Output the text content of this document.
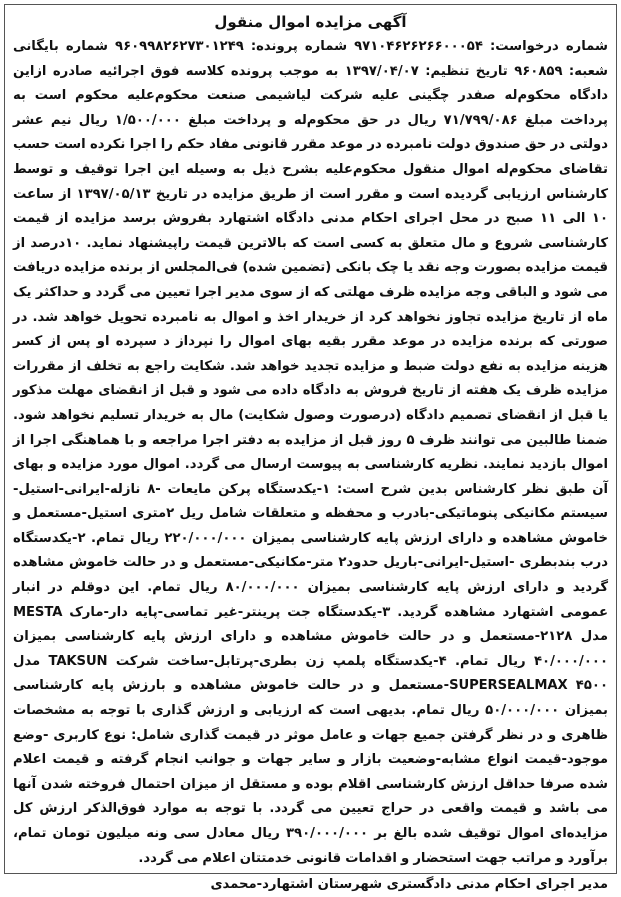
آگهی مزایده اموال منقول

شماره درخواست: ۹۷۱۰۴۶۲۶۲۶۶۰۰۰۵۴ شماره پرونده: ۹۶۰۹۹۸۲۶۲۷۳۰۱۲۴۹ شماره بایگانی شعبه: ۹۶۰۸۵۹ تاریخ تنظیم: ۱۳۹۷/۰۴/۰۷ به موجب پرونده کلاسه فوق اجرائیه صادره ازاین دادگاه محکوم‌له صفدر چگینی علیه شرکت لیاشیمی صنعت محکوم‌علیه محکوم است به پرداخت مبلغ ۷۱/۷۹۹/۰۸۶ ریال در حق محکوم‌له و پرداخت مبلغ ۱/۵۰۰/۰۰۰ ریال نیم عشر دولتی در حق صندوق دولت نامبرده در موعد مقرر قانونی مفاد حکم را اجرا نکرده است حسب تقاضای محکوم‌له اموال منقول محکوم‌علیه بشرح ذیل به وسیله این اجرا توقیف و توسط کارشناس ارزیابی گردیده است و مقرر است از طریق مزایده در تاریخ ۱۳۹۷/۰۵/۱۳ از ساعت ۱۰ الی ۱۱ صبح در محل اجرای احکام مدنی دادگاه اشتهارد بفروش برسد مزایده از قیمت کارشناسی شروع و مال متعلق به کسی است که بالاترین قیمت راپیشنهاد نماید. ۱۰درصد از قیمت مزایده بصورت وجه نقد یا چک بانکی (تضمین شده) فی‌المجلس از برنده مزایده دریافت می شود و الباقی وجه مزایده ظرف مهلتی که از سوی مدیر اجرا تعیین می گردد و حداکثر یک ماه از تاریخ مزایده تجاوز نخواهد کرد از خریدار اخذ و اموال به نامبرده تحویل خواهد شد. در صورتی که برنده مزایده در موعد مقرر بقیه بهای اموال را نپرداز د سپرده او پس از کسر هزینه مزایده به نفع دولت ضبط و مزایده تجدید خواهد شد. شکایت راجع به تخلف از مقررات مزایده ظرف یک هفته از تاریخ فروش به دادگاه داده می شود و قبل از انقضای مهلت مذکور یا قبل از انقضای تصمیم دادگاه (درصورت وصول شکایت) مال به خریدار تسلیم نخواهد شود. ضمنا طالبین می توانند ظرف ۵ روز قبل از مزایده به دفتر اجرا مراجعه و با هماهنگی اجرا از اموال بازدید نمایند. نظریه کارشناسی به پیوست ارسال می گردد. اموال مورد مزایده و بهای آن طبق نظر کارشناس بدین شرح است: ۱-یکدستگاه پرکن مایعات -۸ نازله-ایرانی-استیل-سیستم مکانیکی پنوماتیکی-بادرب و محفظه و متعلقات شامل ریل ۲متری استیل-مستعمل و خاموش مشاهده و دارای ارزش پایه کارشناسی بمیزان ۲۲۰/۰۰۰/۰۰۰ ریال تمام. ۲-یکدستگاه درب بندبطری -استیل-ایرانی-باریل حدود۲ متر-مکانیکی-مستعمل و در حالت خاموش مشاهده گردید و دارای ارزش پایه کارشناسی بمیزان ۸۰/۰۰۰/۰۰۰ ریال تمام. این دوقلم در انبار عمومی اشتهارد مشاهده گردید. ۳-یکدستگاه جت پرینتر-غیر تماسی-پایه دار-مارک MESTA مدل ۲۱۲۸-مستعمل و در حالت خاموش مشاهده و دارای ارزش پایه کارشناسی بمیزان ۴۰/۰۰۰/۰۰۰ ریال تمام. ۴-یکدستگاه پلمپ زن بطری-پرتابل-ساخت شرکت TAKSUN مدل SUPERSEALMAX ۴۵۰۰-مستعمل و در حالت خاموش مشاهده و بارزش پایه کارشناسی بمیزان ۵۰/۰۰۰/۰۰۰ ریال تمام. بدیهی است که ارزیابی و ارزش گذاری با توجه به مشخصات ظاهری و در نظر گرفتن جمیع جهات و عامل موثر در قیمت گذاری شامل: نوع کاربری -وضع موجود-قیمت انواع مشابه-وضعیت بازار و سایر جهات و جوانب انجام گرفته و قیمت اعلام شده صرفا حداقل ارزش کارشناسی اقلام بوده و مستقل از میزان احتمال فروخته شدن آنها می باشد و قیمت واقعی در حراج تعیین می گردد. با توجه به موارد فوق‌الذکر ارزش کل مزایده‌ای اموال توقیف شده بالغ بر ۳۹۰/۰۰۰/۰۰۰ ریال معادل سی ونه میلیون تومان تمام، برآورد و مراتب جهت استحضار و اقدامات قانونی خدمتتان اعلام می گردد.

مدیر اجرای احکام مدنی دادگستری شهرستان اشتهارد-محمدی
